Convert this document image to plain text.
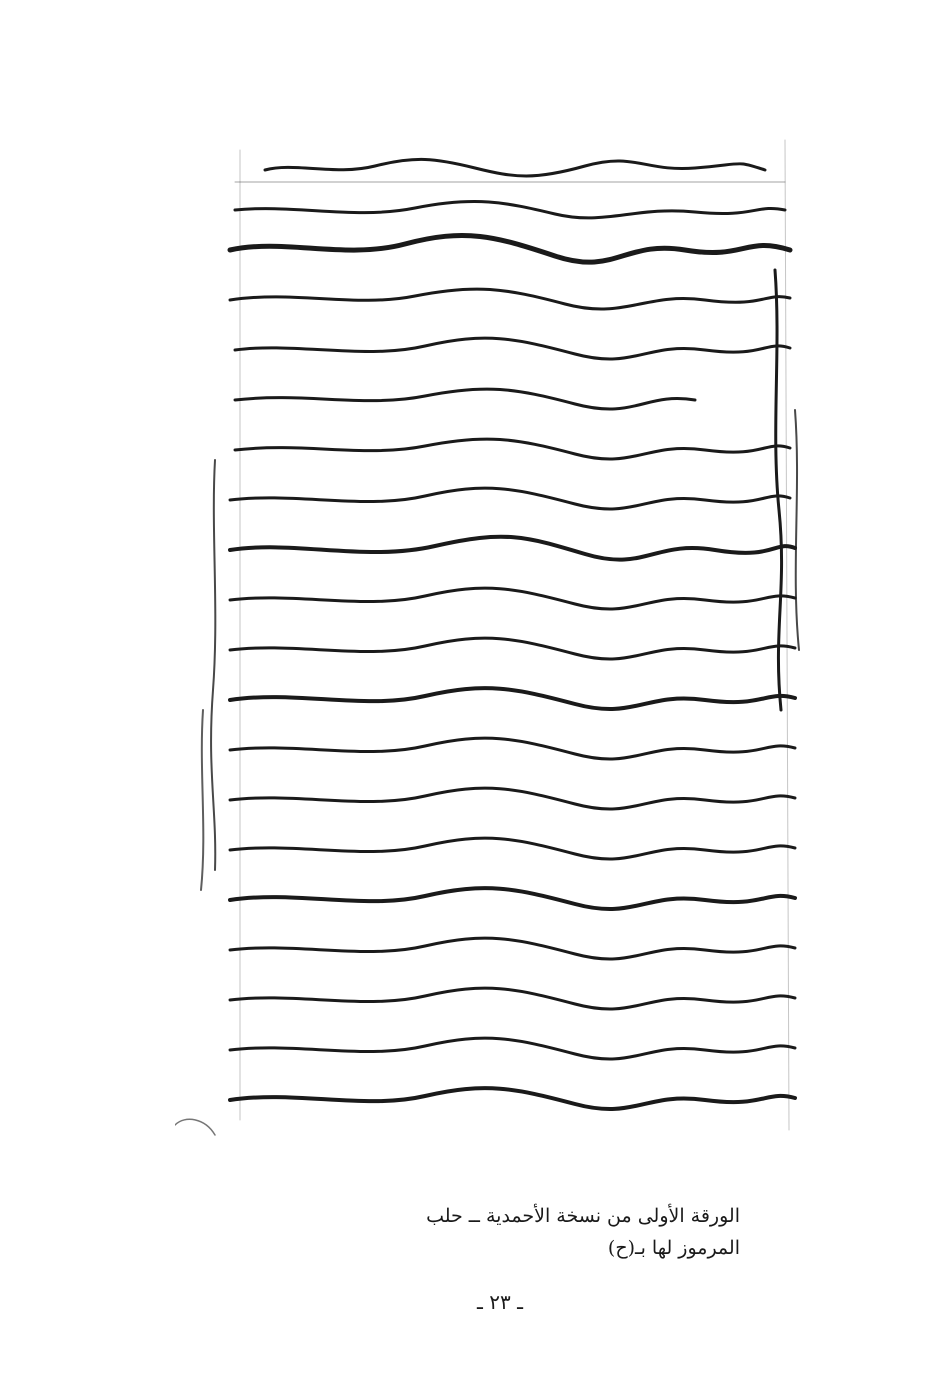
الورقة الأولى من نسخة الأحمدية ــ حلب
المرموز لها بـ(ح)
ـ ٢٣ ـ
